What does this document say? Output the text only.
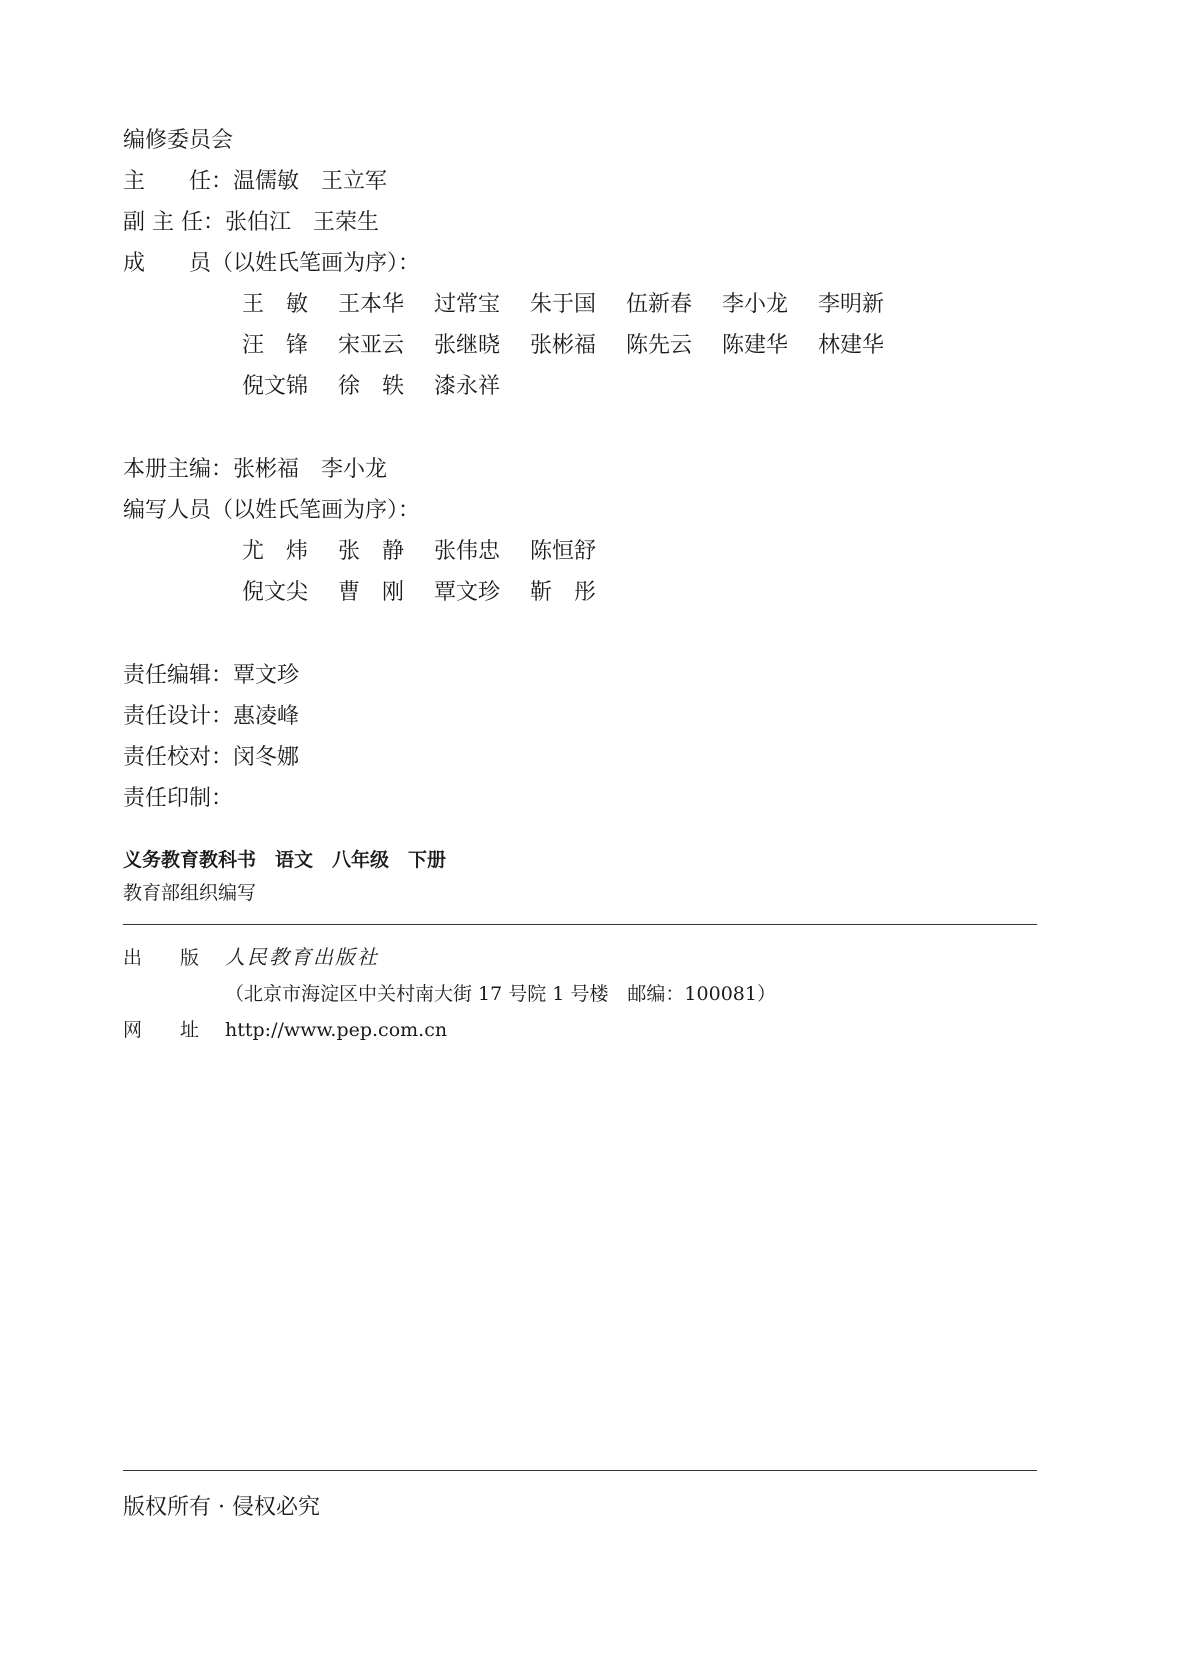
编修委员会
主　　任：温儒敏　王立军
副 主 任：张伯江　王荣生
成　　员（以姓氏笔画为序）：
王　敏 王本华 过常宝 朱于国 伍新春 李小龙 李明新
汪　锋 宋亚云 张继晓 张彬福 陈先云 陈建华 林建华
倪文锦 徐　轶 漆永祥
本册主编：张彬福　李小龙
编写人员（以姓氏笔画为序）：
尤　炜 张　静 张伟忠 陈恒舒
倪文尖 曹　刚 覃文珍 靳　彤
责任编辑：覃文珍
责任设计：惠凌峰
责任校对：闵冬娜
责任印制：
义务教育教科书　语文　八年级　下册
教育部组织编写
出　　版 人民教育出版社
（北京市海淀区中关村南大街 17 号院 1 号楼　邮编：100081）
网　　址 http://www.pep.com.cn
版权所有 · 侵权必究
